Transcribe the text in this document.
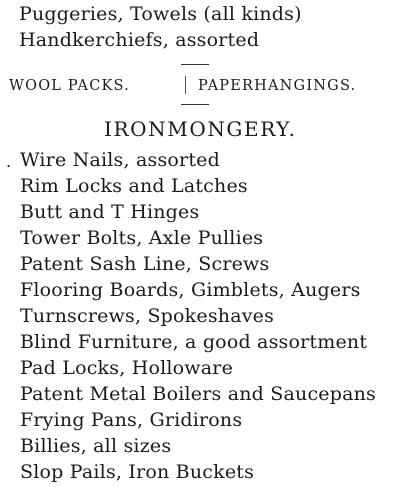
Puggeries, Towels (all kinds)
Handkerchiefs, assorted
WOOL PACKS.	PAPERHANGINGS.
IRONMONGERY.
. Wire Nails, assorted
Rim Locks and Latches
Butt and T Hinges
Tower Bolts, Axle Pullies
Patent Sash Line, Screws
Flooring Boards, Gimblets, Augers
Turnscrews, Spokeshaves
Blind Furniture, a good assortment
Pad Locks, Holloware
Patent Metal Boilers and Saucepans
Frying Pans, Gridirons
Billies, all sizes
Slop Pails, Iron Buckets
